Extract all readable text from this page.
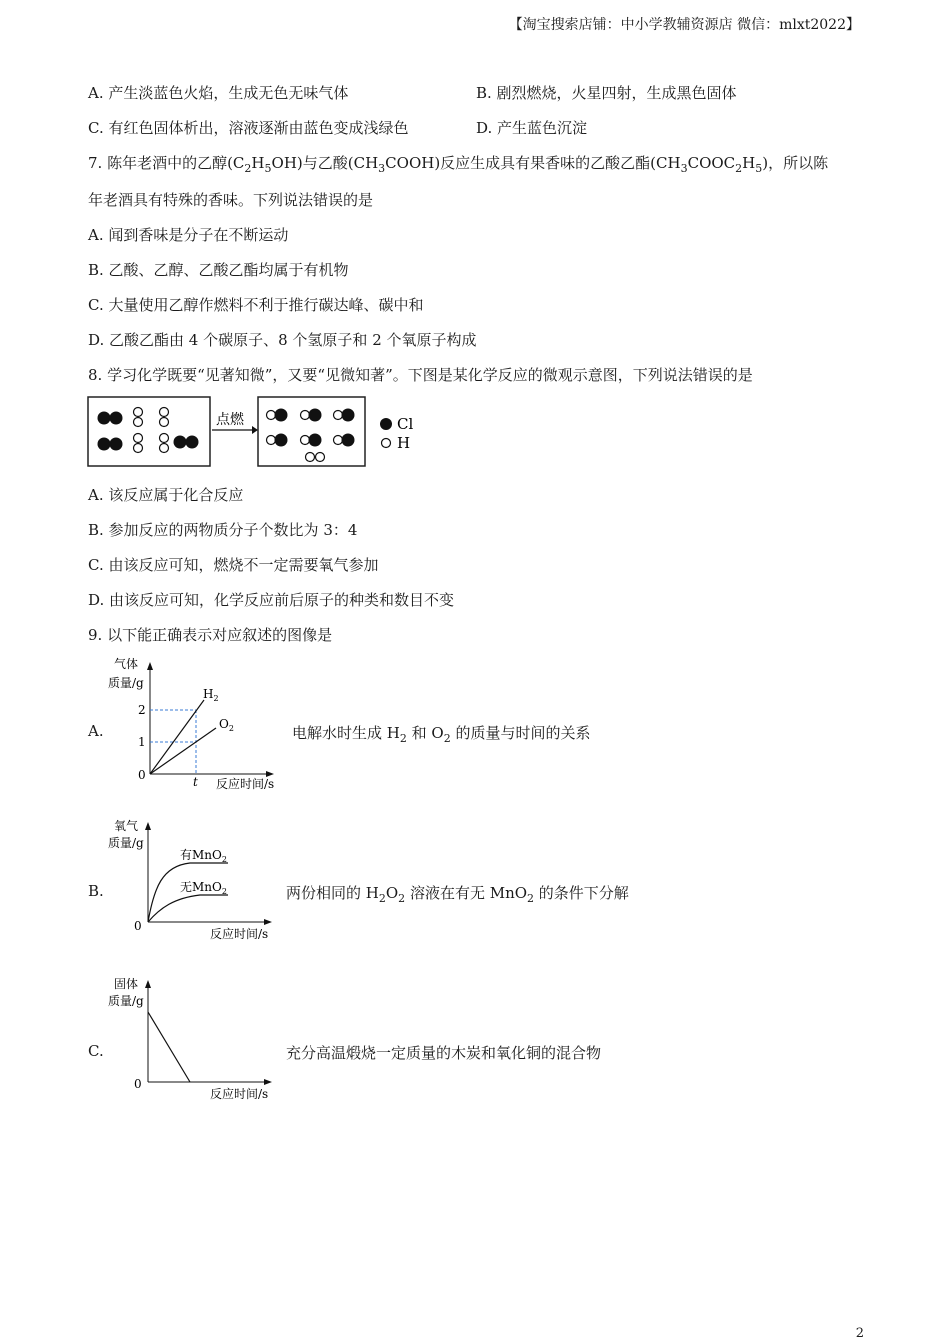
【淘宝搜索店铺：中小学教辅资源店 微信：mlxt2022】
A. 产生淡蓝色火焰，生成无色无味气体	B. 剧烈燃烧，火星四射，生成黑色固体
C. 有红色固体析出，溶液逐渐由蓝色变成浅绿色	D. 产生蓝色沉淀
7. 陈年老酒中的乙醇$(C_2H_5OH)$与乙酸$(CH_3COOH)$反应生成具有果香味的乙酸乙酯$(CH_3COOC_2H_5)$，所以陈
年老酒具有特殊的香味。下列说法错误的是
A. 闻到香味是分子在不断运动
B. 乙酸、乙醇、乙酸乙酯均属于有机物
C. 大量使用乙醇作燃料不利于推行碳达峰、碳中和
D. 乙酸乙酯由 4 个碳原子、8 个氢原子和 2 个氧原子构成
8. 学习化学既要“见著知微”，又要“见微知著”。下图是某化学反应的微观示意图，下列说法错误的是
点燃	Cl
H
A. 该反应属于化合反应
B. 参加反应的两物质分子个数比为 3：4
C. 由该反应可知，燃烧不一定需要氧气参加
D. 由该反应可知，化学反应前后原子的种类和数目不变
9. 以下能正确表示对应叙述的图像是
A.
气体
质量/g
2
1
0	t
$H_2$
$O_2$
反应时间/s
电解水时生成 $H_2$ 和 $O_2$ 的质量与时间的关系
B.
氧气
质量/g
有MnO$_2$
无MnO$_2$
0
反应时间/s
两份相同的 $H_2O_2$ 溶液在有无 MnO$_2$ 的条件下分解
C.
固体
质量/g
0
反应时间/s
充分高温煅烧一定质量的木炭和氧化铜的混合物
2
